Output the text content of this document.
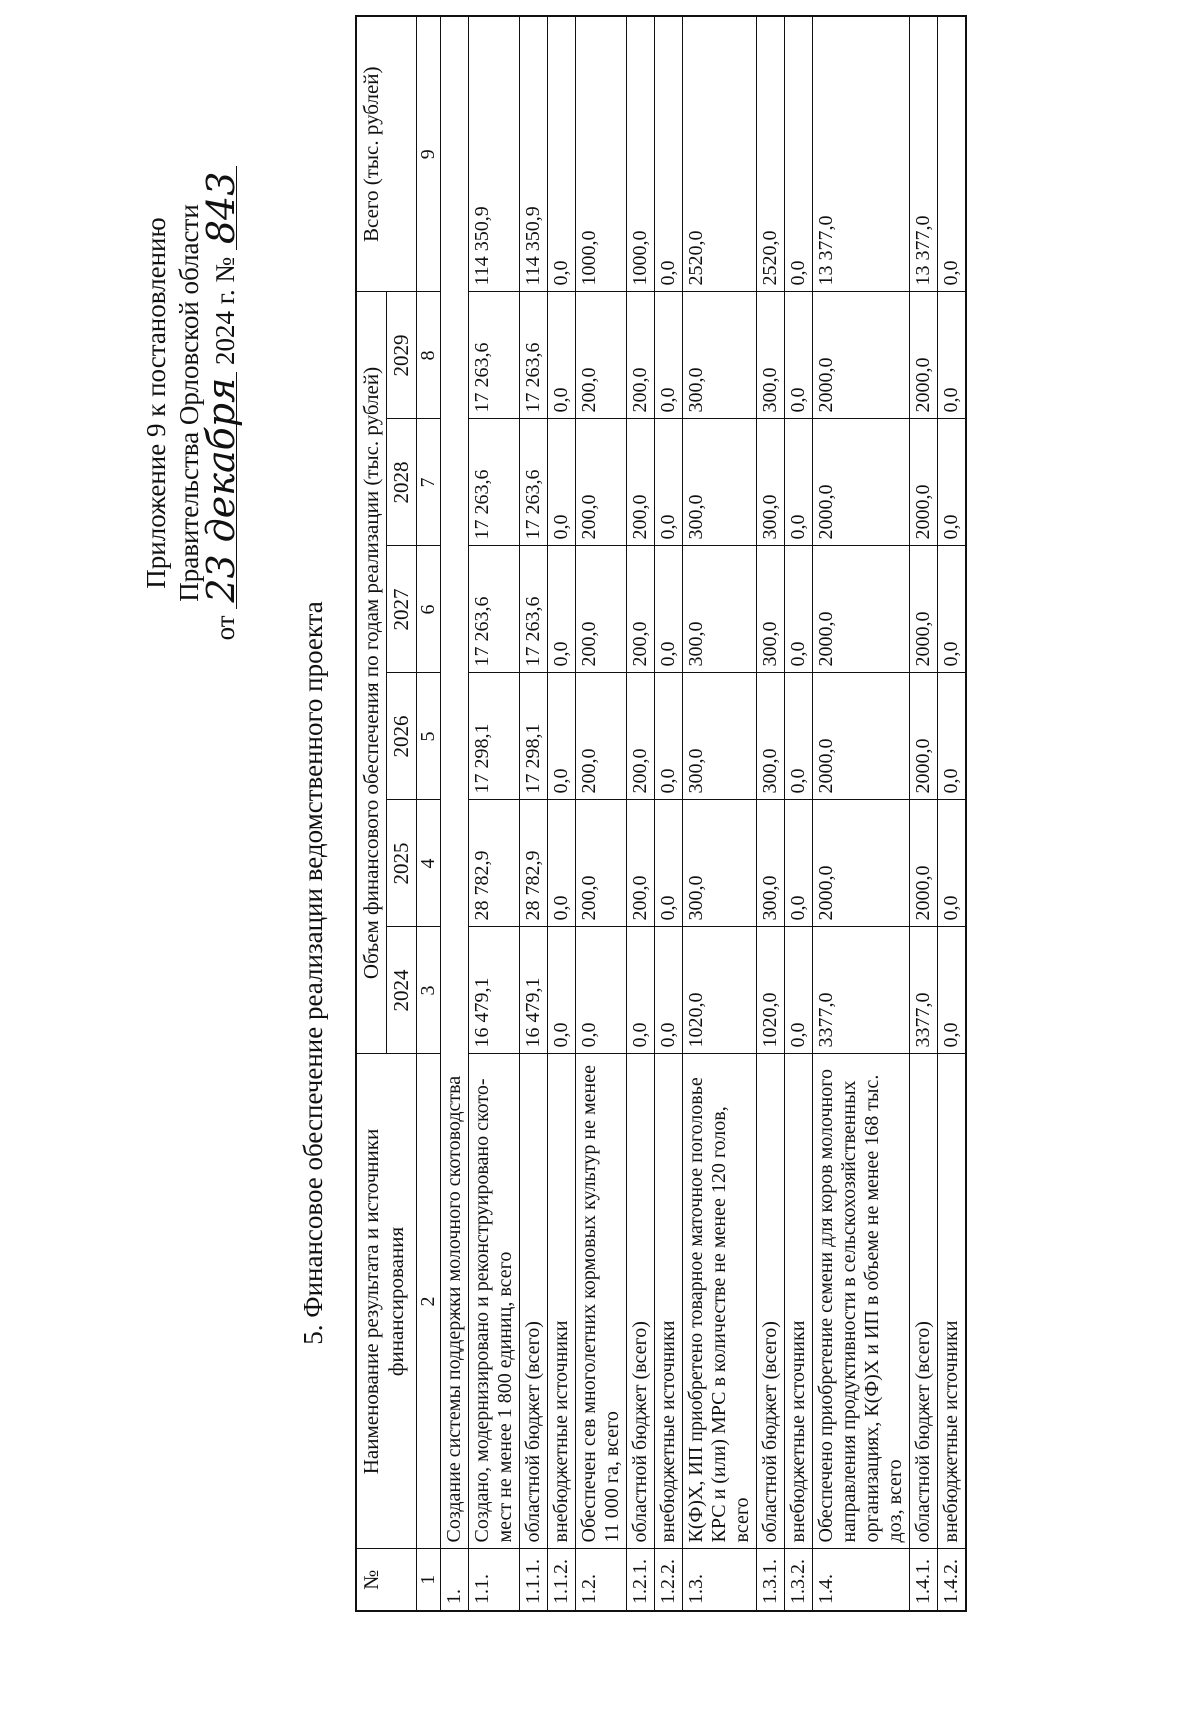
Приложение 9 к постановлению Правительства Орловской области
от 23декабря 2024 г. № 843
5. Финансовое обеспечение реализации ведомственного проекта
№	Наименование результата и источники финансирования	Объем финансового обеспечения по годам реализации (тыс. рублей)						Всего (тыс. рублей)
		2024	2025	2026	2027	2028	2029	
1	2	3	4	5	6	7	8	9
1.	Создание системы поддержки молочного скотоводства							
1.1.	Создано, модернизировано и реконструировано ското-мест не менее 1 800 единиц, всего	16 479,1	28 782,9	17 298,1	17 263,6	17 263,6	17 263,6	114 350,9
1.1.1.	областной бюджет (всего)	16 479,1	28 782,9	17 298,1	17 263,6	17 263,6	17 263,6	114 350,9
1.1.2.	внебюджетные источники	0,0	0,0	0,0	0,0	0,0	0,0	0,0
1.2.	Обеспечен сев многолетних кормовых культур не менее 11 000 га, всего	0,0	200,0	200,0	200,0	200,0	200,0	1000,0
1.2.1.	областной бюджет (всего)	0,0	200,0	200,0	200,0	200,0	200,0	1000,0
1.2.2.	внебюджетные источники	0,0	0,0	0,0	0,0	0,0	0,0	0,0
1.3.	К(Ф)Х, ИП приобретено товарное маточное поголовье КРС и (или) МРС в количестве не менее 120 голов, всего	1020,0	300,0	300,0	300,0	300,0	300,0	2520,0
1.3.1.	областной бюджет (всего)	1020,0	300,0	300,0	300,0	300,0	300,0	2520,0
1.3.2.	внебюджетные источники	0,0	0,0	0,0	0,0	0,0	0,0	0,0
1.4.	Обеспечено приобретение семени для коров молочного направления продуктивности в сельскохозяйственных организациях, К(Ф)Х и ИП в объеме не менее 168 тыс. доз, всего	3377,0	2000,0	2000,0	2000,0	2000,0	2000,0	13 377,0
1.4.1.	областной бюджет (всего)	3377,0	2000,0	2000,0	2000,0	2000,0	2000,0	13 377,0
1.4.2.	внебюджетные источники	0,0	0,0	0,0	0,0	0,0	0,0	0,0
